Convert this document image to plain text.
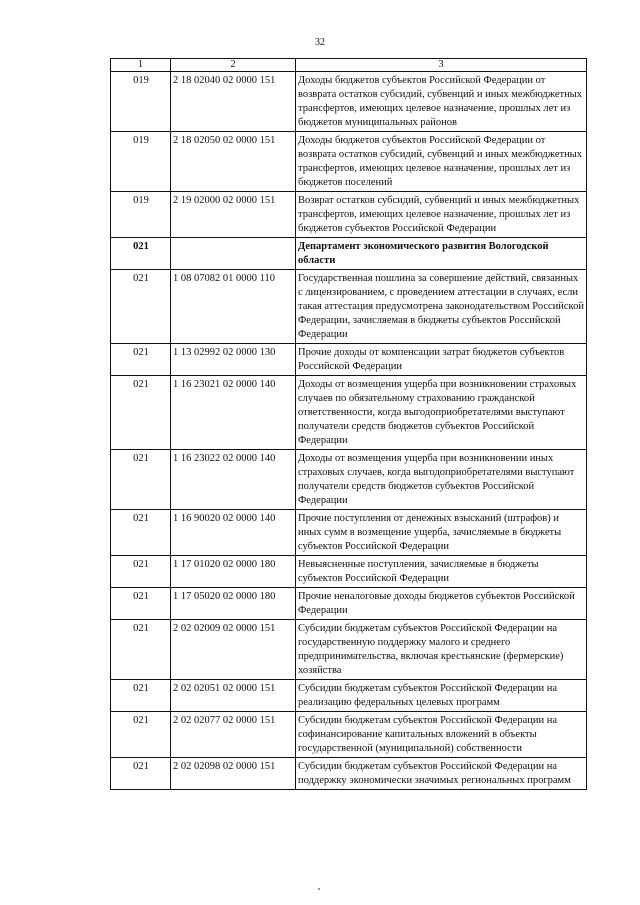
32
1	2	3
019	2 18 02040 02 0000 151	Доходы бюджетов субъектов Российской Федерации от возврата остатков субсидий, субвенций и иных межбюджетных трансфертов, имеющих целевое назначение, прошлых лет из бюджетов муниципальных районов
019	2 18 02050 02 0000 151	Доходы бюджетов субъектов Российской Федерации от возврата остатков субсидий, субвенций и иных межбюджетных трансфертов, имеющих целевое назначение, прошлых лет из бюджетов поселений
019	2 19 02000 02 0000 151	Возврат остатков субсидий, субвенций и иных межбюджетных трансфертов, имеющих целевое назначение, прошлых лет из бюджетов субъектов Российской Федерации
021		Департамент экономического развития Вологодской области
021	1 08 07082 01 0000 110	Государственная пошлина за совершение действий, связанных с лицензированием, с проведением аттестации в случаях, если такая аттестация предусмотрена законодательством Российской Федерации, зачисляемая в бюджеты субъектов Российской Федерации
021	1 13 02992 02 0000 130	Прочие доходы от компенсации затрат бюджетов субъектов Российской Федерации
021	1 16 23021 02 0000 140	Доходы от возмещения ущерба при возникновении страховых случаев по обязательному страхованию гражданской ответственности, когда выгодоприобретателями выступают получатели средств бюджетов субъектов Российской Федерации
021	1 16 23022 02 0000 140	Доходы от возмещения ущерба при возникновении иных страховых случаев, когда выгодоприобретателями выступают получатели средств бюджетов субъектов Российской Федерации
021	1 16 90020 02 0000 140	Прочие поступления от денежных взысканий (штрафов) и иных сумм в возмещение ущерба, зачисляемые в бюджеты субъектов Российской Федерации
021	1 17 01020 02 0000 180	Невыясненные поступления, зачисляемые в бюджеты субъектов Российской Федерации
021	1 17 05020 02 0000 180	Прочие неналоговые доходы бюджетов субъектов Российской Федерации
021	2 02 02009 02 0000 151	Субсидии бюджетам субъектов Российской Федерации на государственную поддержку малого и среднего предпринимательства, включая крестьянские (фермерские) хозяйства
021	2 02 02051 02 0000 151	Субсидии бюджетам субъектов Российской Федерации на реализацию федеральных целевых программ
021	2 02 02077 02 0000 151	Субсидии бюджетам субъектов Российской Федерации на софинансирование капитальных вложений в объекты государственной (муниципальной) собственности
021	2 02 02098 02 0000 151	Субсидии бюджетам субъектов Российской Федерации на поддержку экономически значимых региональных программ
